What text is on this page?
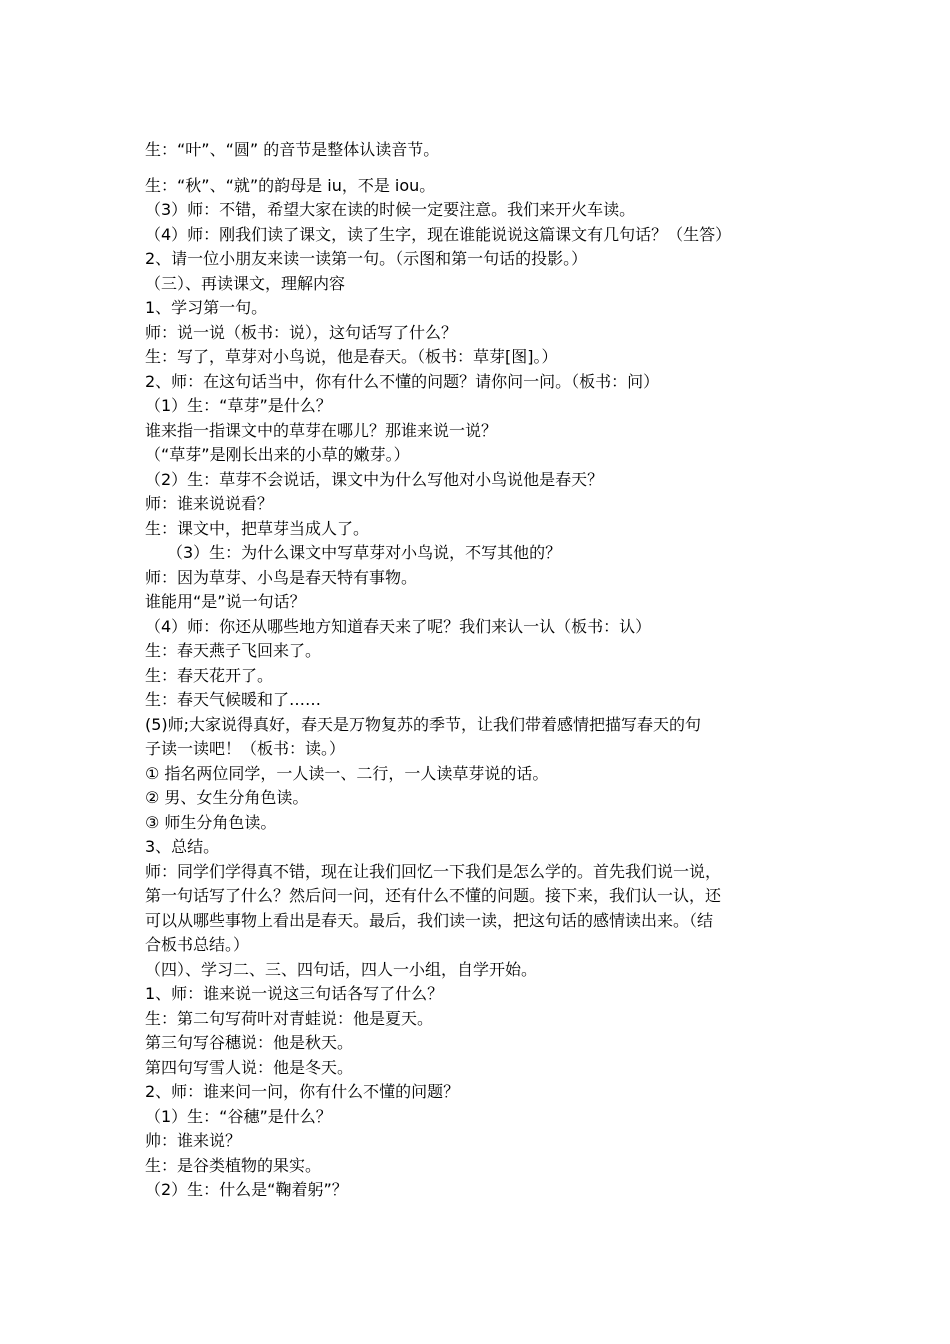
生：“叶”、“圆” 的音节是整体认读音节。

生：“秋”、“就”的韵母是 iu，不是 iou。

（3）师：不错，希望大家在读的时候一定要注意。我们来开火车读。

（4）师：刚我们读了课文，读了生字，现在谁能说说这篇课文有几句话？（生答）

2、请一位小朋友来读一读第一句。（示图和第一句话的投影。）

（三）、再读课文，理解内容

1、学习第一句。

师：说一说（板书：说），这句话写了什么？

生：写了，草芽对小鸟说，他是春天。（板书：草芽[图]。）

2、师：在这句话当中，你有什么不懂的问题？请你问一问。（板书：问）

（1）生：“草芽”是什么？

谁来指一指课文中的草芽在哪儿？那谁来说一说？

（“草芽”是刚长出来的小草的嫩芽。）

（2）生：草芽不会说话，课文中为什么写他对小鸟说他是春天？

师：谁来说说看？

生：课文中，把草芽当成人了。

（3）生：为什么课文中写草芽对小鸟说，不写其他的？

师：因为草芽、小鸟是春天特有事物。

谁能用“是”说一句话？

（4）师：你还从哪些地方知道春天来了呢？我们来认一认（板书：认）

生：春天燕子飞回来了。

生：春天花开了。

生：春天气候暖和了……

(5)师;大家说得真好，春天是万物复苏的季节，让我们带着感情把描写春天的句

子读一读吧！（板书：读。）

① 指名两位同学，一人读一、二行，一人读草芽说的话。

② 男、女生分角色读。

③ 师生分角色读。

3、总结。

师：同学们学得真不错，现在让我们回忆一下我们是怎么学的。首先我们说一说，

第一句话写了什么？然后问一问，还有什么不懂的问题。接下来，我们认一认，还

可以从哪些事物上看出是春天。最后，我们读一读，把这句话的感情读出来。（结

合板书总结。）

（四）、学习二、三、四句话，四人一小组，自学开始。

1、师：谁来说一说这三句话各写了什么？

生：第二句写荷叶对青蛙说：他是夏天。

第三句写谷穗说：他是秋天。

第四句写雪人说：他是冬天。

2、师：谁来问一问，你有什么不懂的问题？

（1）生：“谷穗”是什么？

帅：谁来说？

生：是谷类植物的果实。

（2）生：什么是“鞠着躬”？
